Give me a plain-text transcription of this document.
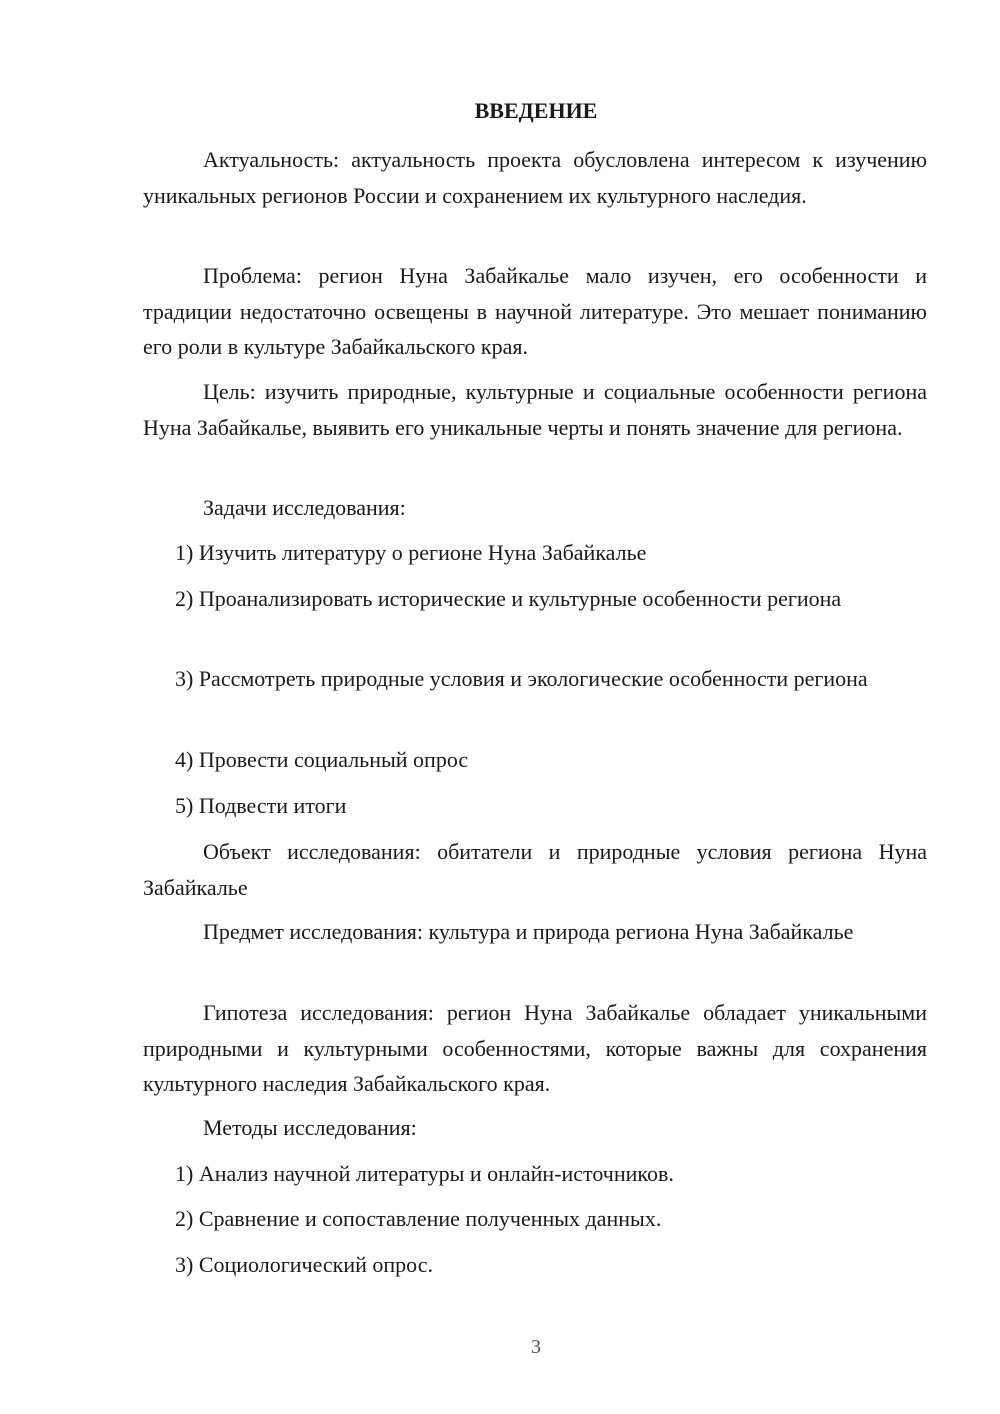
ВВЕДЕНИЕ

Актуальность: актуальность проекта обусловлена интересом к изучению уникальных регионов России и сохранением их культурного наследия.

Проблема: регион Нуна Забайкалье мало изучен, его особенности и традиции недостаточно освещены в научной литературе. Это мешает пониманию его роли в культуре Забайкальского края.

Цель: изучить природные, культурные и социальные особенности региона Нуна Забайкалье, выявить его уникальные черты и понять значение для региона.

Задачи исследования:

1) Изучить литературу о регионе Нуна Забайкалье

2) Проанализировать исторические и культурные особенности региона

3) Рассмотреть природные условия и экологические особенности региона

4) Провести социальный опрос

5) Подвести итоги

Объект исследования: обитатели и природные условия региона Нуна Забайкалье

Предмет исследования: культура и природа региона Нуна Забайкалье

Гипотеза исследования: регион Нуна Забайкалье обладает уникальными природными и культурными особенностями, которые важны для сохранения культурного наследия Забайкальского края.

Методы исследования:

1) Анализ научной литературы и онлайн-источников.

2) Сравнение и сопоставление полученных данных.

3) Социологический опрос.

3
